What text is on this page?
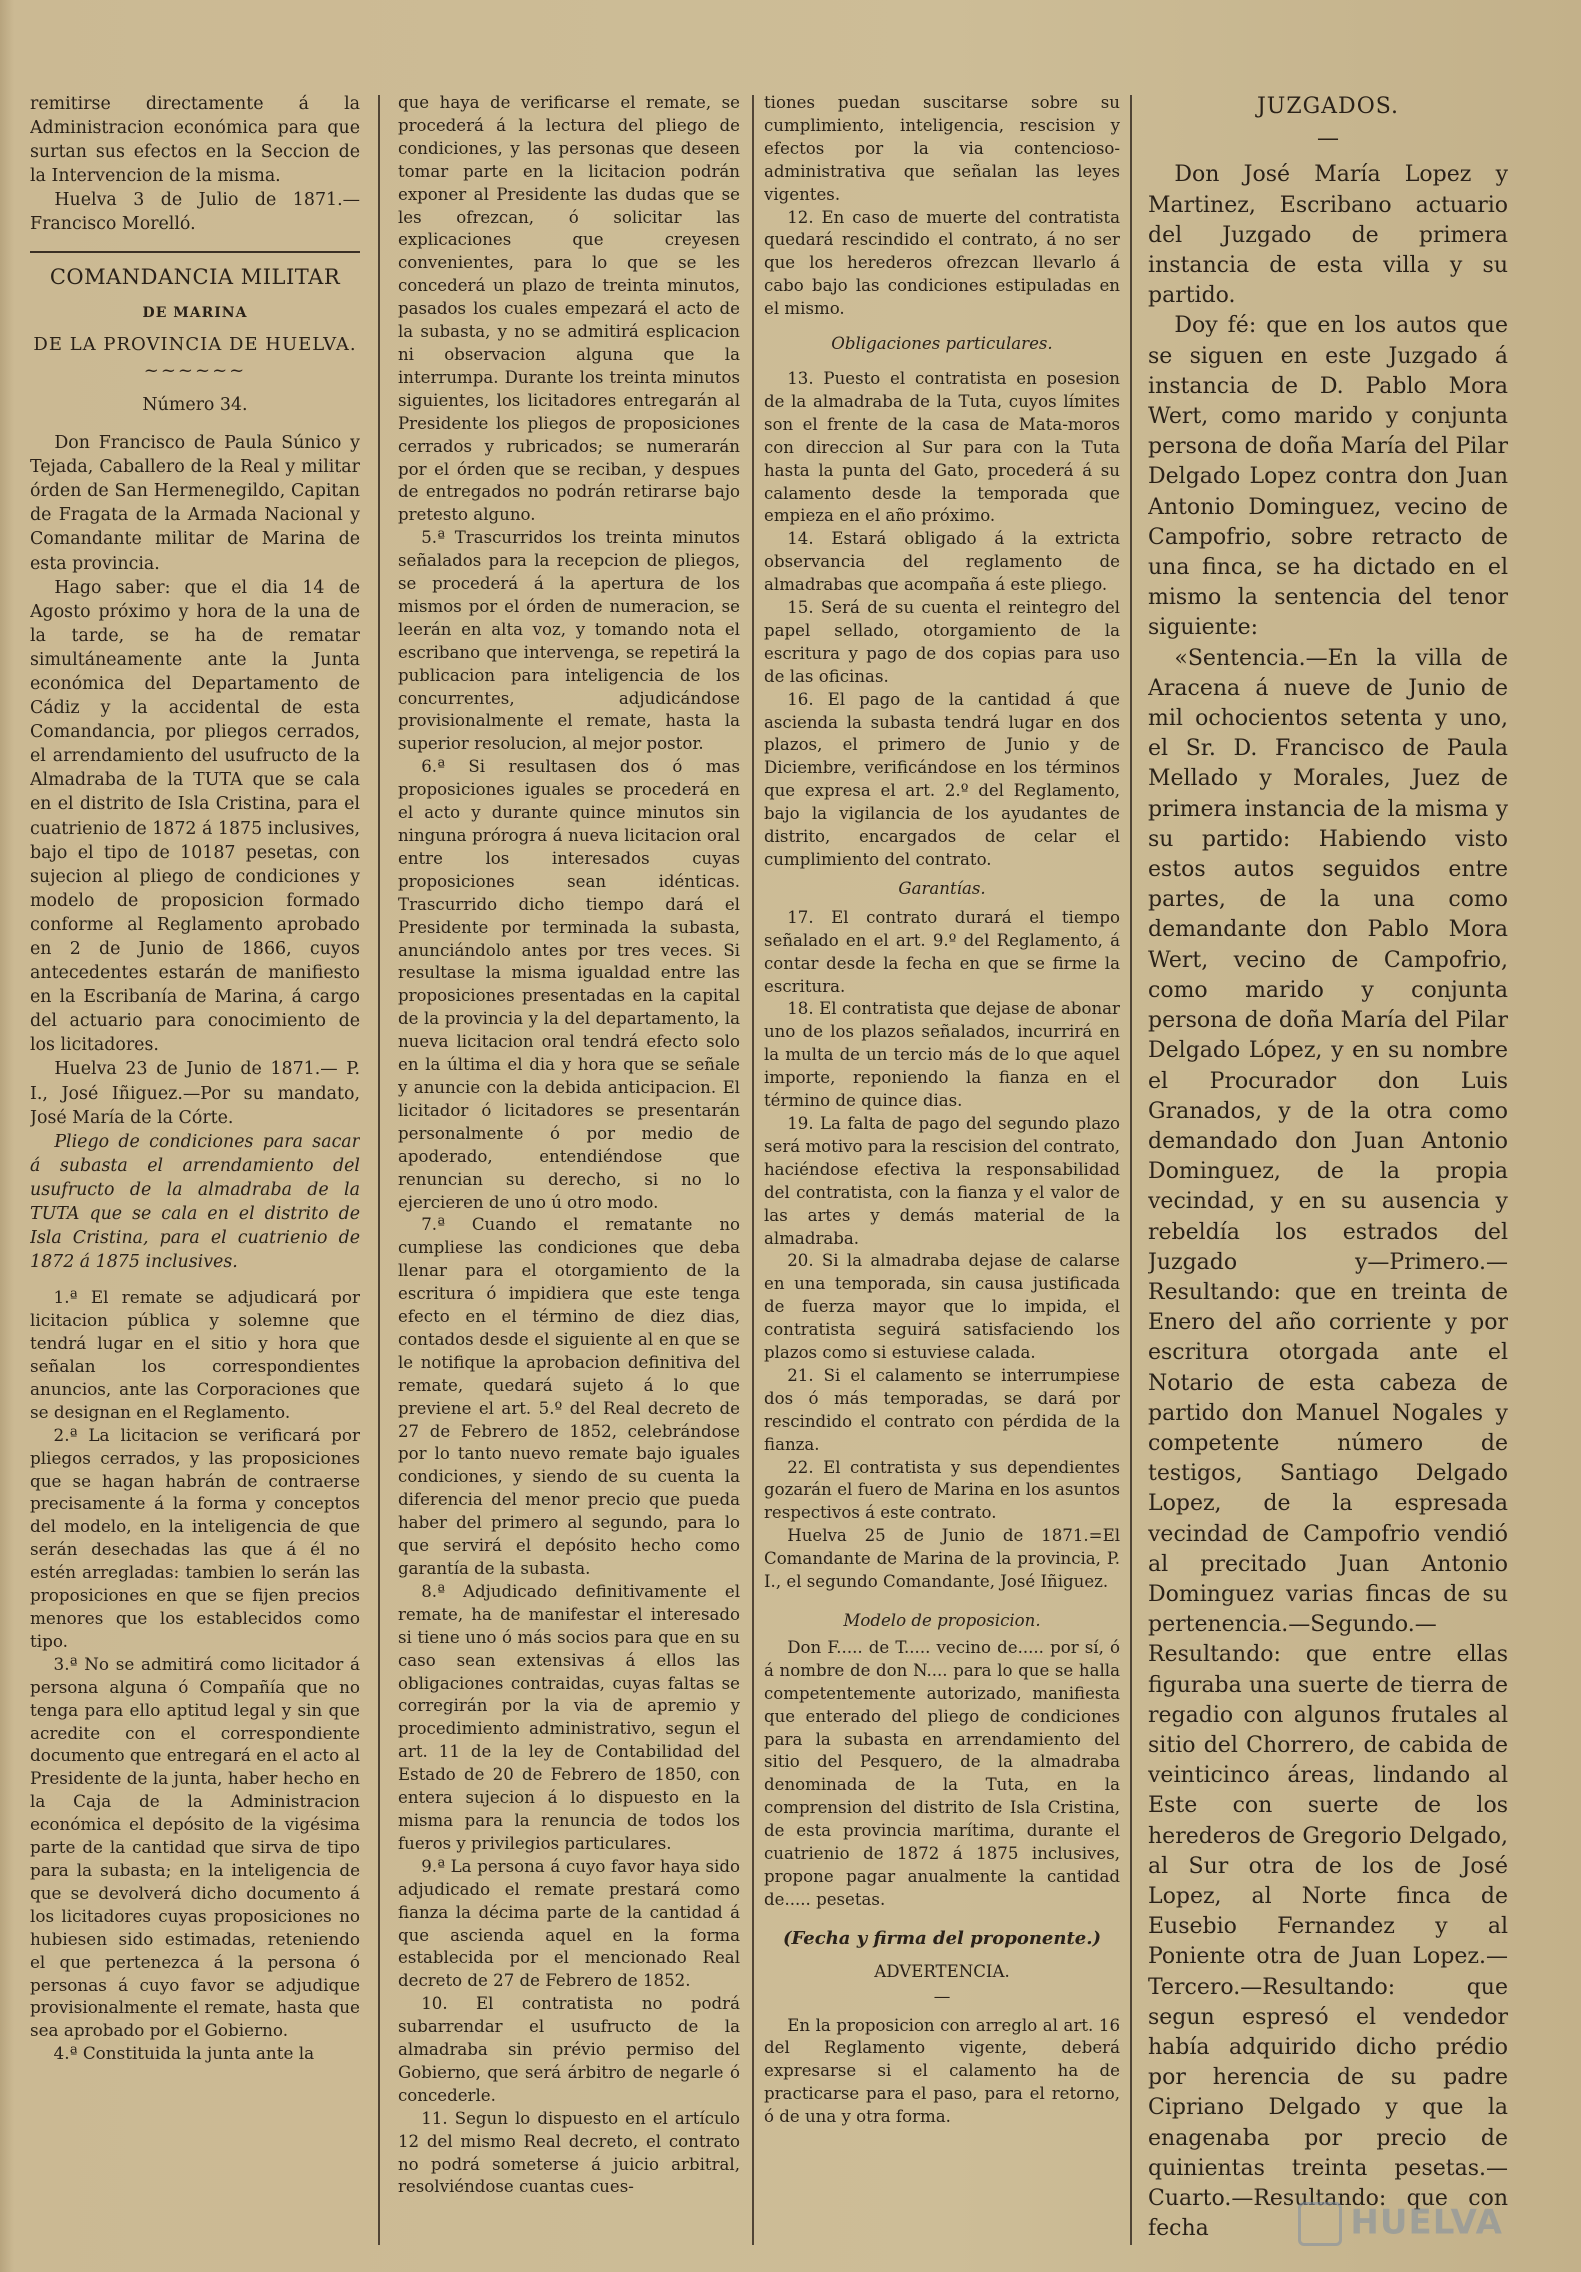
remitirse directamente á la Administracion económica para que surtan sus efectos en la Seccion de la Intervencion de la misma.

Huelva 3 de Julio de 1871.— Francisco Morelló.

COMANDANCIA MILITAR
DE MARINA
DE LA PROVINCIA DE HUELVA.
~~~~~~

Número 34.

Don Francisco de Paula Súnico y Tejada, Caballero de la Real y militar órden de San Hermenegildo, Capitan de Fragata de la Armada Nacional y Comandante militar de Marina de esta provincia.

Hago saber: que el dia 14 de Agosto próximo y hora de la una de la tarde, se ha de rematar simultáneamente ante la Junta económica del Departamento de Cádiz y la accidental de esta Comandancia, por pliegos cerrados, el arrendamiento del usufructo de la Almadraba de la TUTA que se cala en el distrito de Isla Cristina, para el cuatrienio de 1872 á 1875 inclusives, bajo el tipo de 10187 pesetas, con sujecion al pliego de condiciones y modelo de proposicion formado conforme al Reglamento aprobado en 2 de Junio de 1866, cuyos antecedentes estarán de manifiesto en la Escribanía de Marina, á cargo del actuario para conocimiento de los licitadores.

Huelva 23 de Junio de 1871.— P. I., José Iñiguez.—Por su mandato, José María de la Córte.

Pliego de condiciones para sacar á subasta el arrendamiento del usufructo de la almadraba de la TUTA que se cala en el distrito de Isla Cristina, para el cuatrienio de 1872 á 1875 inclusives.

1.ª El remate se adjudicará por licitacion pública y solemne que tendrá lugar en el sitio y hora que señalan los correspondientes anuncios, ante las Corporaciones que se designan en el Reglamento.

2.ª La licitacion se verificará por pliegos cerrados, y las proposiciones que se hagan habrán de contraerse precisamente á la forma y conceptos del modelo, en la inteligencia de que serán desechadas las que á él no estén arregladas: tambien lo serán las proposiciones en que se fijen precios menores que los establecidos como tipo.

3.ª No se admitirá como licitador á persona alguna ó Compañía que no tenga para ello aptitud legal y sin que acredite con el correspondiente documento que entregará en el acto al Presidente de la junta, haber hecho en la Caja de la Administracion económica el depósito de la vigésima parte de la cantidad que sirva de tipo para la subasta; en la inteligencia de que se devolverá dicho documento á los licitadores cuyas proposiciones no hubiesen sido estimadas, reteniendo el que pertenezca á la persona ó personas á cuyo favor se adjudique provisionalmente el remate, hasta que sea aprobado por el Gobierno.

4.ª Constituida la junta ante la

que haya de verificarse el remate, se procederá á la lectura del pliego de condiciones, y las personas que deseen tomar parte en la licitacion podrán exponer al Presidente las dudas que se les ofrezcan, ó solicitar las explicaciones que creyesen convenientes, para lo que se les concederá un plazo de treinta minutos, pasados los cuales empezará el acto de la subasta, y no se admitirá esplicacion ni observacion alguna que la interrumpa. Durante los treinta minutos siguientes, los licitadores entregarán al Presidente los pliegos de proposiciones cerrados y rubricados; se numerarán por el órden que se reciban, y despues de entregados no podrán retirarse bajo pretesto alguno.

5.ª Trascurridos los treinta minutos señalados para la recepcion de pliegos, se procederá á la apertura de los mismos por el órden de numeracion, se leerán en alta voz, y tomando nota el escribano que intervenga, se repetirá la publicacion para inteligencia de los concurrentes, adjudicándose provisionalmente el remate, hasta la superior resolucion, al mejor postor.

6.ª Si resultasen dos ó mas proposiciones iguales se procederá en el acto y durante quince minutos sin ninguna prórogra á nueva licitacion oral entre los interesados cuyas proposiciones sean idénticas. Trascurrido dicho tiempo dará el Presidente por terminada la subasta, anunciándolo antes por tres veces. Si resultase la misma igualdad entre las proposiciones presentadas en la capital de la provincia y la del departamento, la nueva licitacion oral tendrá efecto solo en la última el dia y hora que se señale y anuncie con la debida anticipacion. El licitador ó licitadores se presentarán personalmente ó por medio de apoderado, entendiéndose que renuncian su derecho, si no lo ejercieren de uno ú otro modo.

7.ª Cuando el rematante no cumpliese las condiciones que deba llenar para el otorgamiento de la escritura ó impidiera que este tenga efecto en el término de diez dias, contados desde el siguiente al en que se le notifique la aprobacion definitiva del remate, quedará sujeto á lo que previene el art. 5.º del Real decreto de 27 de Febrero de 1852, celebrándose por lo tanto nuevo remate bajo iguales condiciones, y siendo de su cuenta la diferencia del menor precio que pueda haber del primero al segundo, para lo que servirá el depósito hecho como garantía de la subasta.

8.ª Adjudicado definitivamente el remate, ha de manifestar el interesado si tiene uno ó más socios para que en su caso sean extensivas á ellos las obligaciones contraidas, cuyas faltas se corregirán por la via de apremio y procedimiento administrativo, segun el art. 11 de la ley de Contabilidad del Estado de 20 de Febrero de 1850, con entera sujecion á lo dispuesto en la misma para la renuncia de todos los fueros y privilegios particulares.

9.ª La persona á cuyo favor haya sido adjudicado el remate prestará como fianza la décima parte de la cantidad á que ascienda aquel en la forma establecida por el mencionado Real decreto de 27 de Febrero de 1852.

10. El contratista no podrá subarrendar el usufructo de la almadraba sin prévio permiso del Gobierno, que será árbitro de negarle ó concederle.

11. Segun lo dispuesto en el artículo 12 del mismo Real decreto, el contrato no podrá someterse á juicio arbitral, resolviéndose cuantas cues-

tiones puedan suscitarse sobre su cumplimiento, inteligencia, rescision y efectos por la via contencioso-administrativa que señalan las leyes vigentes.

12. En caso de muerte del contratista quedará rescindido el contrato, á no ser que los herederos ofrezcan llevarlo á cabo bajo las condiciones estipuladas en el mismo.

Obligaciones particulares.

13. Puesto el contratista en posesion de la almadraba de la Tuta, cuyos límites son el frente de la casa de Mata-moros con direccion al Sur para con la Tuta hasta la punta del Gato, procederá á su calamento desde la temporada que empieza en el año próximo.

14. Estará obligado á la extricta observancia del reglamento de almadrabas que acompaña á este pliego.

15. Será de su cuenta el reintegro del papel sellado, otorgamiento de la escritura y pago de dos copias para uso de las oficinas.

16. El pago de la cantidad á que ascienda la subasta tendrá lugar en dos plazos, el primero de Junio y de Diciembre, verificándose en los términos que expresa el art. 2.º del Reglamento, bajo la vigilancia de los ayudantes de distrito, encargados de celar el cumplimiento del contrato.

Garantías.

17. El contrato durará el tiempo señalado en el art. 9.º del Reglamento, á contar desde la fecha en que se firme la escritura.

18. El contratista que dejase de abonar uno de los plazos señalados, incurrirá en la multa de un tercio más de lo que aquel importe, reponiendo la fianza en el término de quince dias.

19. La falta de pago del segundo plazo será motivo para la rescision del contrato, haciéndose efectiva la responsabilidad del contratista, con la fianza y el valor de las artes y demás material de la almadraba.

20. Si la almadraba dejase de calarse en una temporada, sin causa justificada de fuerza mayor que lo impida, el contratista seguirá satisfaciendo los plazos como si estuviese calada.

21. Si el calamento se interrumpiese dos ó más temporadas, se dará por rescindido el contrato con pérdida de la fianza.

22. El contratista y sus dependientes gozarán el fuero de Marina en los asuntos respectivos á este contrato.

Huelva 25 de Junio de 1871.=El Comandante de Marina de la provincia, P. I., el segundo Comandante, José Iñiguez.

Modelo de proposicion.

Don F..... de T..... vecino de..... por sí, ó á nombre de don N.... para lo que se halla competentemente autorizado, manifiesta que enterado del pliego de condiciones para la subasta en arrendamiento del sitio del Pesquero, de la almadraba denominada de la Tuta, en la comprension del distrito de Isla Cristina, de esta provincia marítima, durante el cuatrienio de 1872 á 1875 inclusives, propone pagar anualmente la cantidad de..... pesetas.

(Fecha y firma del proponente.)

ADVERTENCIA.

—

En la proposicion con arreglo al art. 16 del Reglamento vigente, deberá expresarse si el calamento ha de practicarse para el paso, para el retorno, ó de una y otra forma.

JUZGADOS.
—

Don José María Lopez y Martinez, Escribano actuario del Juzgado de primera instancia de esta villa y su partido.

Doy fé: que en los autos que se siguen en este Juzgado á instancia de D. Pablo Mora Wert, como marido y conjunta persona de doña María del Pilar Delgado Lopez contra don Juan Antonio Dominguez, vecino de Campofrio, sobre retracto de una finca, se ha dictado en el mismo la sentencia del tenor siguiente:

«Sentencia.—En la villa de Aracena á nueve de Junio de mil ochocientos setenta y uno, el Sr. D. Francisco de Paula Mellado y Morales, Juez de primera instancia de la misma y su partido: Habiendo visto estos autos seguidos entre partes, de la una como demandante don Pablo Mora Wert, vecino de Campofrio, como marido y conjunta persona de doña María del Pilar Delgado López, y en su nombre el Procurador don Luis Granados, y de la otra como demandado don Juan Antonio Dominguez, de la propia vecindad, y en su ausencia y rebeldía los estrados del Juzgado y—Primero.—Resultando: que en treinta de Enero del año corriente y por escritura otorgada ante el Notario de esta cabeza de partido don Manuel Nogales y competente número de testigos, Santiago Delgado Lopez, de la espresada vecindad de Campofrio vendió al precitado Juan Antonio Dominguez varias fincas de su pertenencia.—Segundo.—Resultando: que entre ellas figuraba una suerte de tierra de regadio con algunos frutales al sitio del Chorrero, de cabida de veinticinco áreas, lindando al Este con suerte de los herederos de Gregorio Delgado, al Sur otra de los de José Lopez, al Norte finca de Eusebio Fernandez y al Poniente otra de Juan Lopez.—Tercero.—Resultando: que segun espresó el vendedor había adquirido dicho prédio por herencia de su padre Cipriano Delgado y que la enagenaba por precio de quinientas treinta pesetas.—Cuarto.—Resultando: que con fecha	HUELVA
